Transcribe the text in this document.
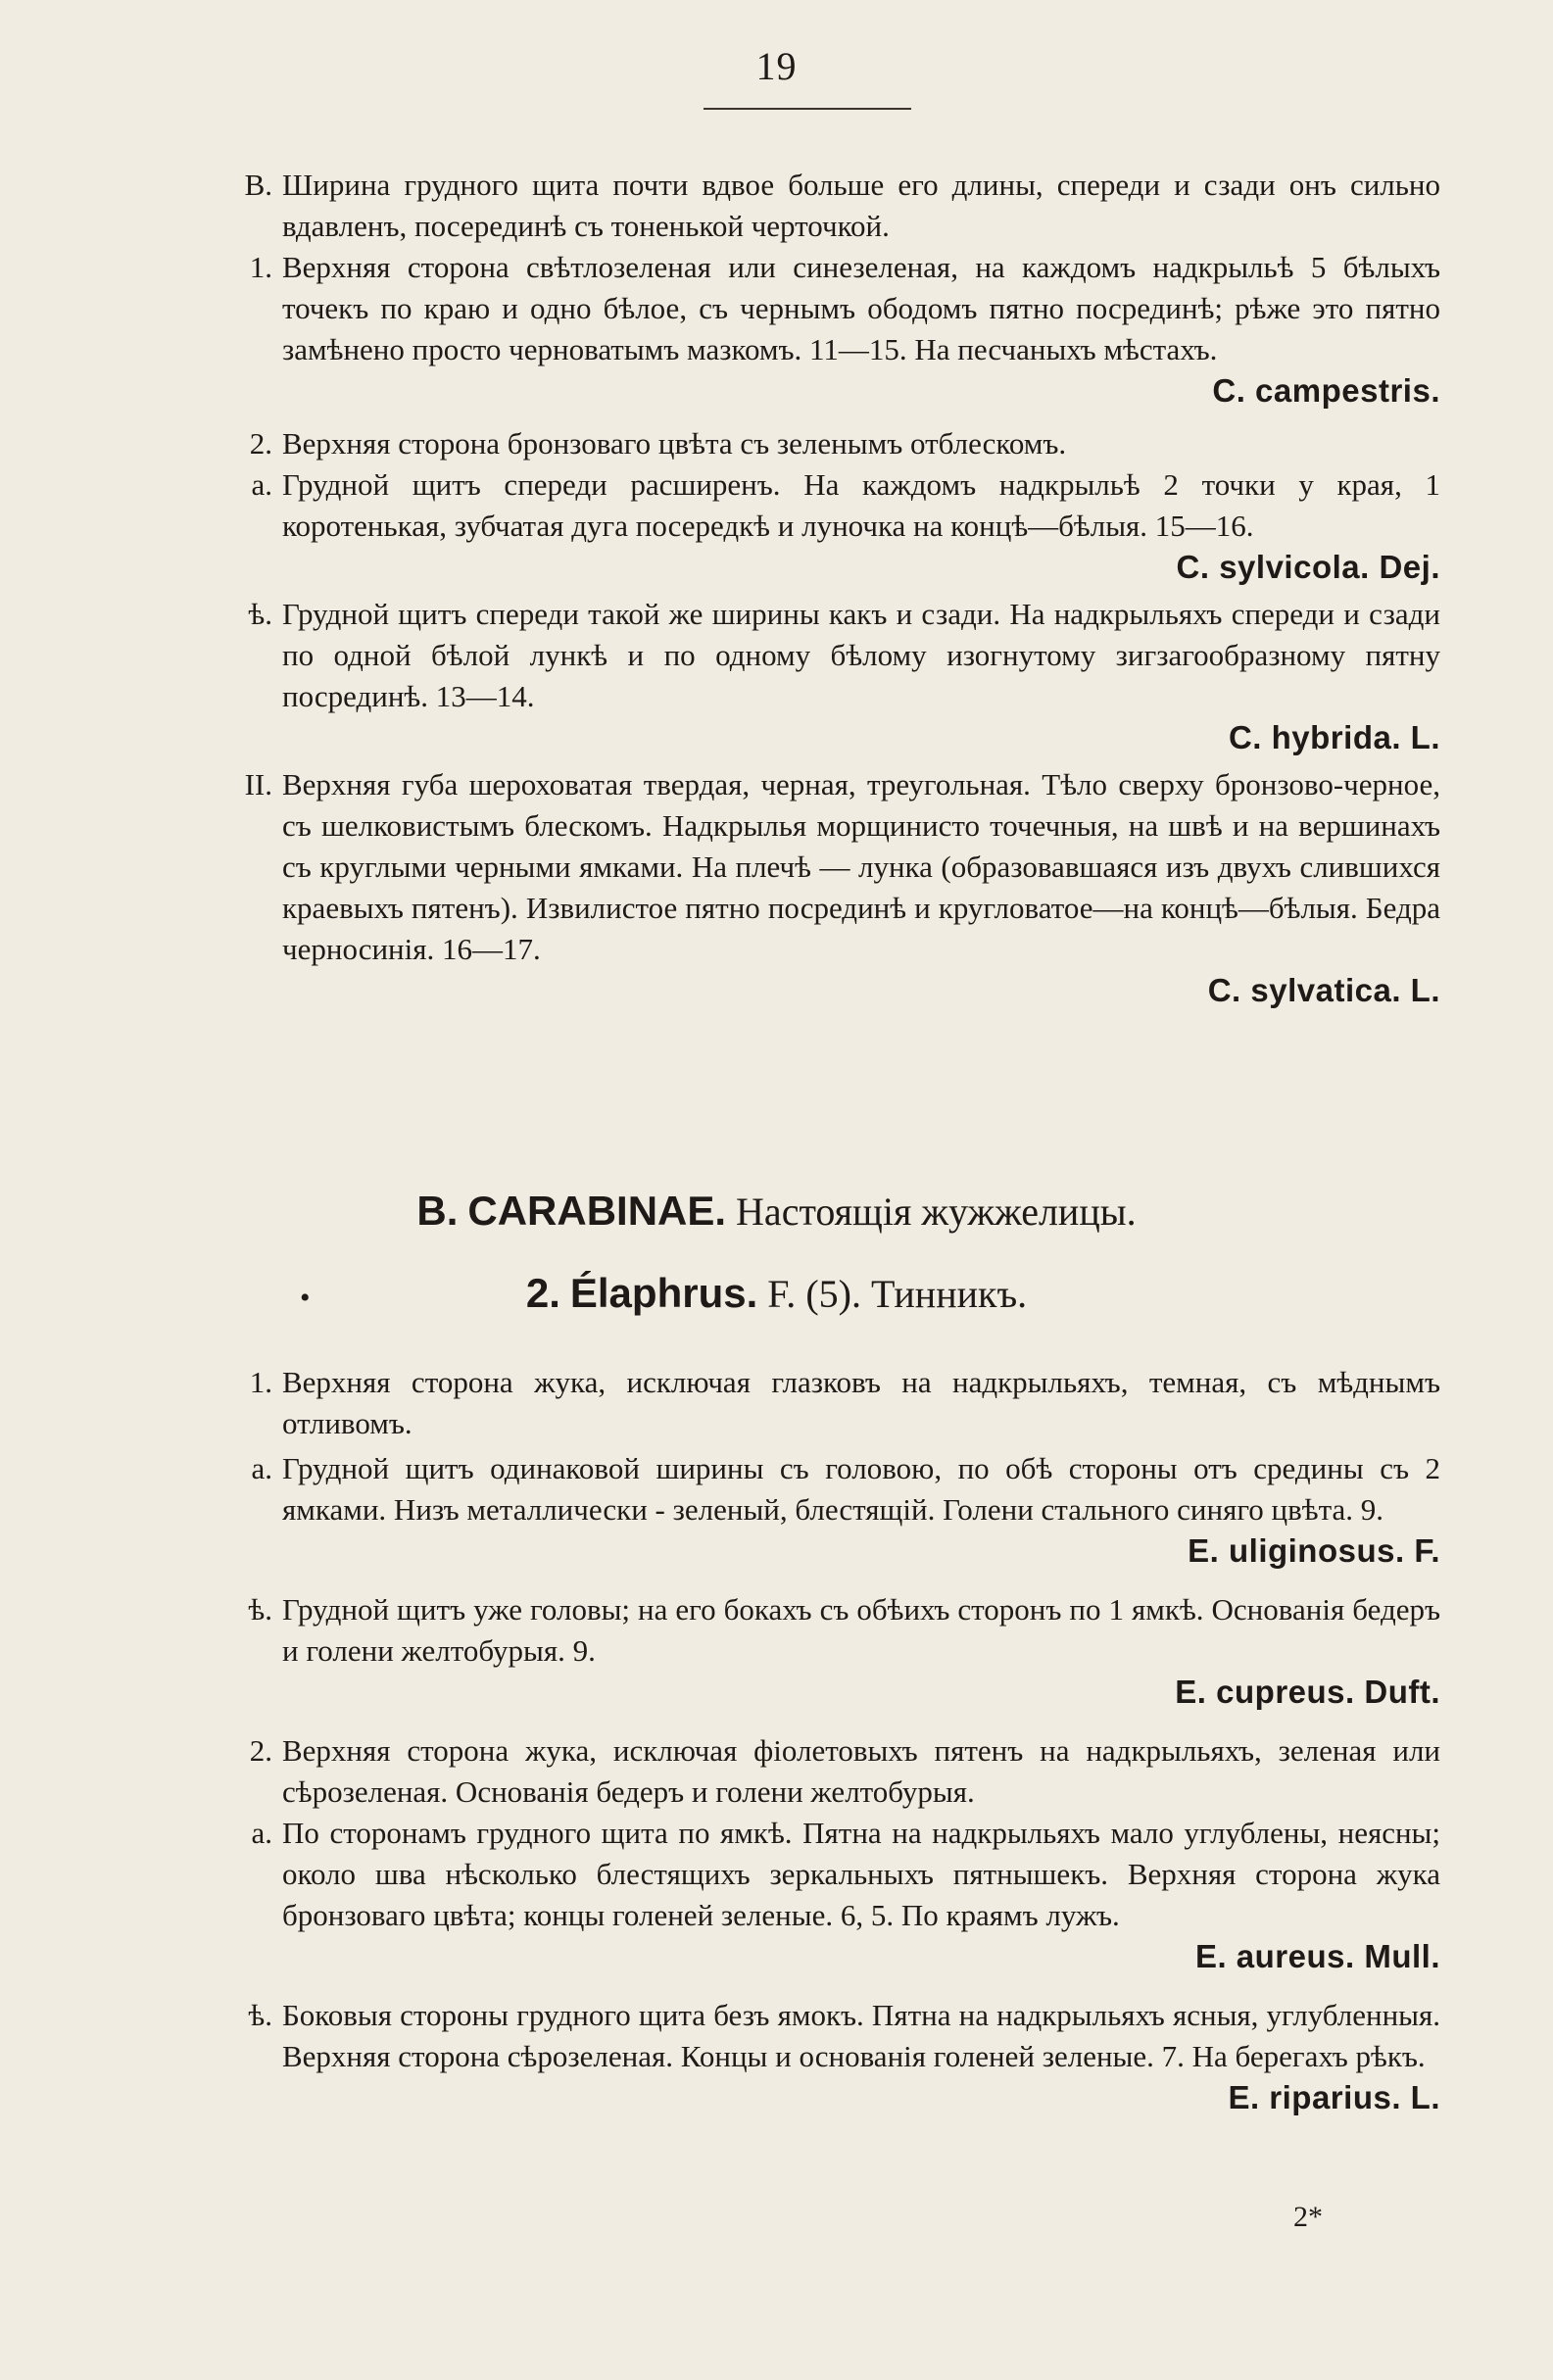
19

B. Ширина грудного щита почти вдвое больше его длины, спереди и сзади онъ сильно вдавленъ, посерединѣ съ тоненькой черточкой.

1. Верхняя сторона свѣтлозеленая или синезеленая, на каждомъ надкрыльѣ 5 бѣлыхъ точекъ по краю и одно бѣлое, съ чернымъ ободомъ пятно посрединѣ; рѣже это пятно замѣнено просто черноватымъ мазкомъ. 11—15. На песчаныхъ мѣстахъ.
C. campestris.

2. Верхняя сторона бронзоваго цвѣта съ зеленымъ отблескомъ.

a. Грудной щитъ спереди расширенъ. На каждомъ надкрыльѣ 2 точки у края, 1 коротенькая, зубчатая дуга посередкѣ и луночка на концѣ—бѣлыя. 15—16.
C. sylvicola. Dej.

ѣ. Грудной щитъ спереди такой же ширины какъ и сзади. На надкрыльяхъ спереди и сзади по одной бѣлой лункѣ и по одному бѣлому изогнутому зигзагообразному пятну посрединѣ. 13—14.
C. hybrida. L.

II. Верхняя губа шероховатая твердая, черная, треугольная. Тѣло сверху бронзово-черное, съ шелковистымъ блескомъ. Надкрылья морщинисто точечныя, на швѣ и на вершинахъ съ круглыми черными ямками. На плечѣ — лунка (образовавшаяся изъ двухъ слившихся краевыхъ пятенъ). Извилистое пятно посрединѣ и кругловатое—на концѣ—бѣлыя. Бедра черносинія. 16—17.
C. sylvatica. L.

B. CARABINAE. Настоящія жужжелицы.
•	2. Élaphrus. F. (5). Тинникъ.

1. Верхняя сторона жука, исключая глазковъ на надкрыльяхъ, темная, съ мѣднымъ отливомъ.

a. Грудной щитъ одинаковой ширины съ головою, по обѣ стороны отъ средины съ 2 ямками. Низъ металлически - зеленый, блестящій. Голени стального синяго цвѣта. 9.
E. uliginosus. F.

ѣ. Грудной щитъ уже головы; на его бокахъ съ обѣихъ сторонъ по 1 ямкѣ. Основанія бедеръ и голени желтобурыя. 9.
E. cupreus. Duft.

2. Верхняя сторона жука, исключая фіолетовыхъ пятенъ на надкрыльяхъ, зеленая или сѣрозеленая. Основанія бедеръ и голени желтобурыя.

a. По сторонамъ грудного щита по ямкѣ. Пятна на надкрыльяхъ мало углублены, неясны; около шва нѣсколько блестящихъ зеркальныхъ пятнышекъ. Верхняя сторона жука бронзоваго цвѣта; концы голеней зеленые. 6, 5. По краямъ лужъ.
E. aureus. Mull.

ѣ. Боковыя стороны грудного щита безъ ямокъ. Пятна на надкрыльяхъ ясныя, углубленныя. Верхняя сторона сѣрозеленая. Концы и основанія голеней зеленые. 7. На берегахъ рѣкъ.
E. riparius. L.

2*
